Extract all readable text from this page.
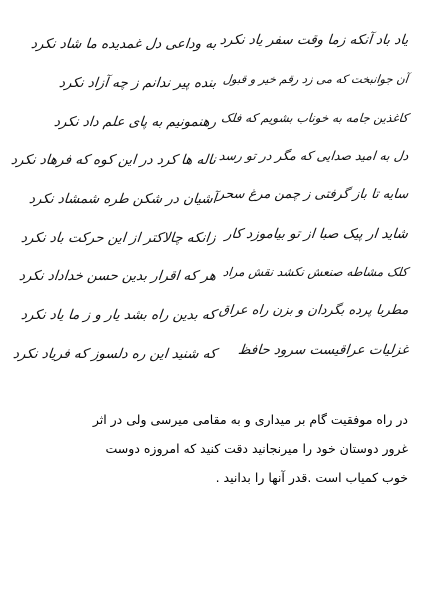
یاد باد آنکه زما وقت سفر یاد نکرد
آن جوانبخت که می زد رقم خیر و قبول
کاغذین جامه به خوناب بشویم که فلک
دل به امید صدایی که مگر در تو رسد
سایه تا باز گرفتی ز چمن مرغ سحر
شاید ار پیک صبا از تو بیاموزد کار
کلک مشاطه صنعش نکشد نقش مراد
مطربا پرده بگردان و بزن راه عراق
غزلیات عراقیست سرود حافظ
به وداعی دل غمدیده ما شاد نکرد
بنده پیر ندانم ز چه آزاد نکرد
رهنمونیم به پای علم داد نکرد
ناله ها کرد در این کوه که فرهاد نکرد
آشیان در شکن طره شمشاد نکرد
زانکه چالاکتر از این حرکت باد نکرد
هر که اقرار بدین حسن خداداد نکرد
که بدین راه بشد یار و ز ما یاد نکرد
که شنید این ره دلسوز که فریاد نکرد
در راه موفقیت گام بر میداری و به مقامی میرسی ولی در اثر
غرور دوستان خود را میرنجانید دقت کنید که امروزه دوست
خوب کمیاب است .قدر آنها را بدانید .
